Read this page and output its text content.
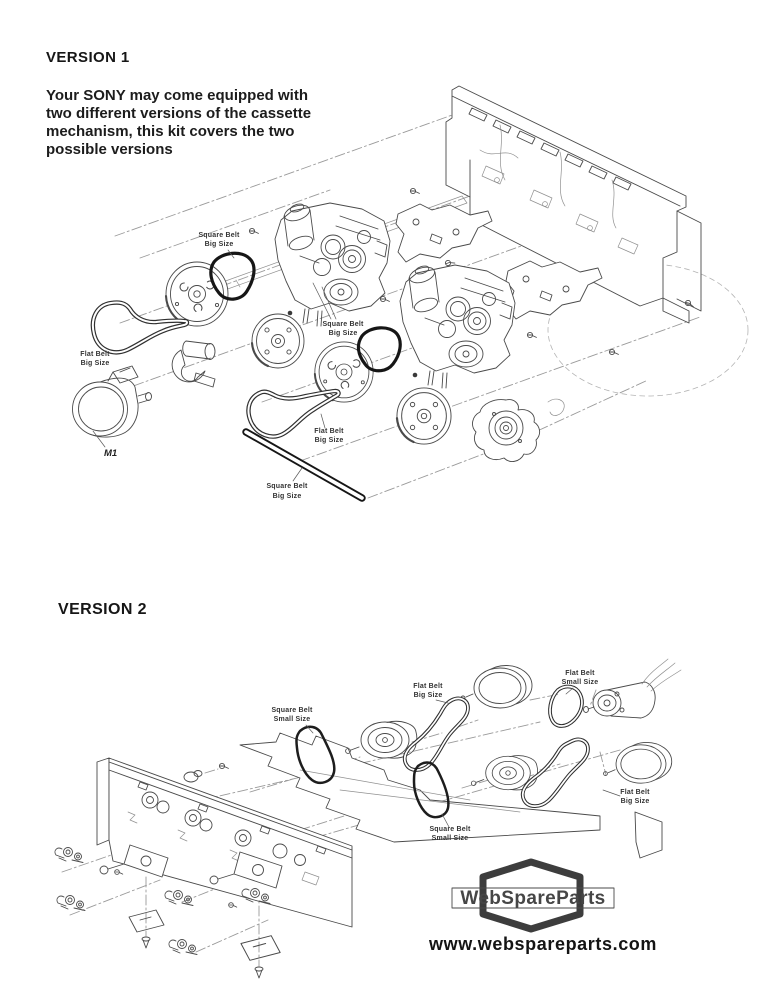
VERSION 1
Your SONY may come equipped with two different versions of the cassette mechanism, this kit covers the two possible versions
VERSION 2
www.webspareparts.com
M1
Square Belt
Big Size
Square Belt
Big Size
Flat Belt
Big Size
Flat Belt
Big Size
Square Belt
Big Size
Square Belt
Small Size
Flat Belt
Big Size
Flat Belt
Small Size
Square Belt
Small Size
Flat Belt
Big Size
WebSpareParts
